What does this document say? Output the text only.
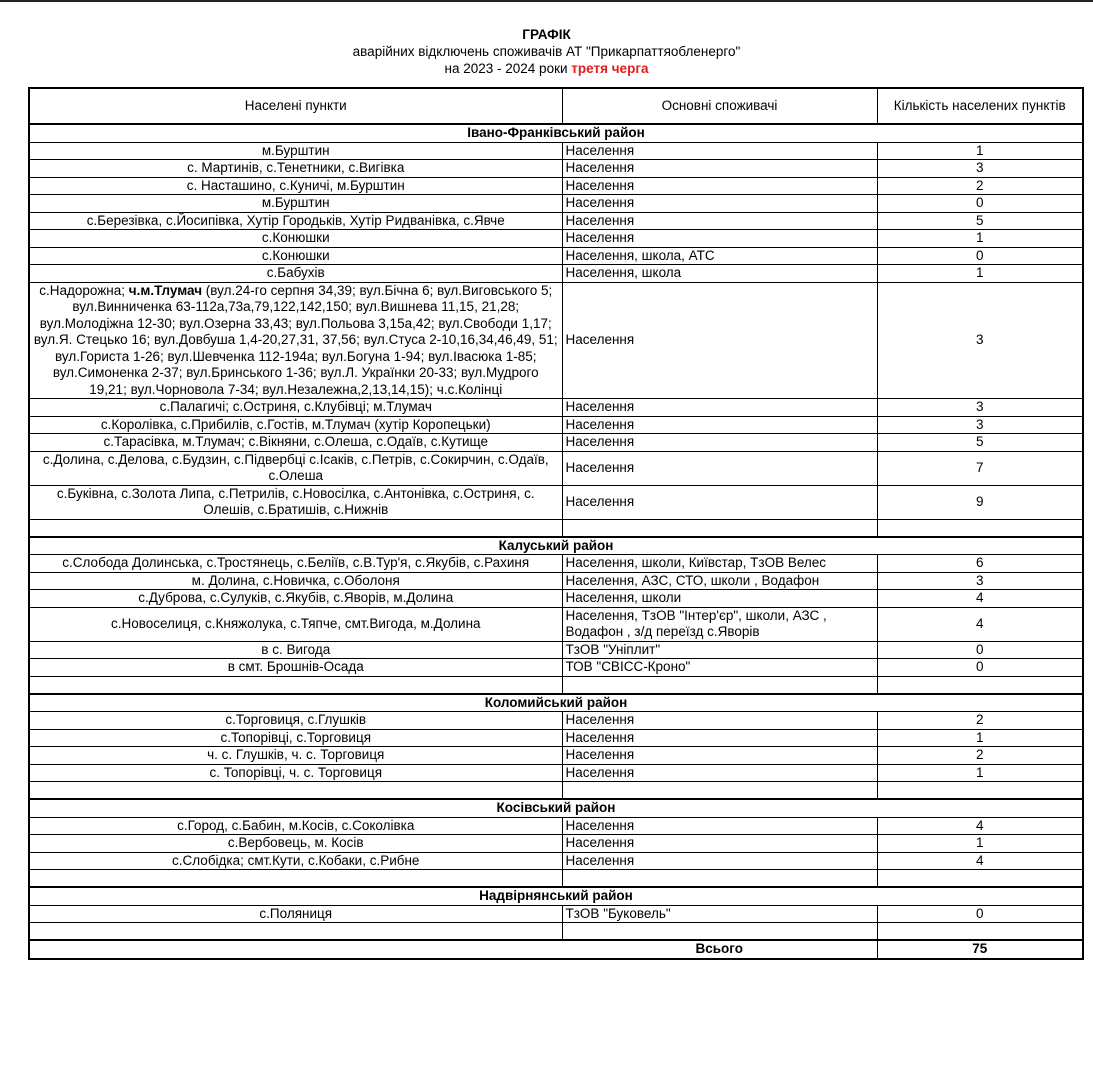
ГРАФІК
аварійних відключень споживачів АТ "Прикарпаттяобленерго"
на 2023 - 2024 роки третя черга
Населені пункти	Основні споживачі	Кількість населених пунктів
Івано-Франківський район		
м.Бурштин	Населення	1
с. Мартинів, с.Тенетники, с.Вигівка	Населення	3
с. Насташино, с.Куничі, м.Бурштин	Населення	2
м.Бурштин	Населення	0
с.Березівка, с.Йосипівка, Хутір Городьків, Хутір Ридванівка, с.Явче	Населення	5
с.Конюшки	Населення	1
с.Конюшки	Населення, школа, АТС	0
с.Бабухів	Населення, школа	1
с.Надорожна; ч.м.Тлумач (вул.24-го серпня 34,39; вул.Бічна 6; вул.Виговського 5; вул.Винниченка 63-112а,73а,79,122,142,150; вул.Вишнева 11,15, 21,28; вул.Молодіжна 12-30; вул.Озерна 33,43; вул.Польова 3,15а,42; вул.Свободи 1,17; вул.Я. Стецько 16; вул.Довбуша 1,4-20,27,31, 37,56; вул.Стуса 2-10,16,34,46,49, 51; вул.Гориста 1-26; вул.Шевченка 112-194а; вул.Богуна 1-94; вул.Івасюка 1-85; вул.Симоненка 2-37; вул.Бринського 1-36; вул.Л. Українки 20-33; вул.Мудрого 19,21; вул.Чорновола 7-34; вул.Незалежна,2,13,14,15); ч.с.Колінці	Населення	3
с.Палагичі; с.Остриня, с.Клубівці; м.Тлумач	Населення	3
с.Королівка, с.Прибилів, с.Гостів, м.Тлумач (хутір Коропецьки)	Населення	3
с.Тарасівка, м.Тлумач; с.Вікняни, с.Олеша, с.Одаїв, с.Кутище	Населення	5
с.Долина, с.Делова, с.Будзин, с.Підвербці с.Ісаків, с.Петрів, с.Сокирчин, с.Одаїв, с.Олеша	Населення	7
с.Буківна, с.Золота Липа, с.Петрилів, с.Новосілка, с.Антонівка, с.Остриня, с. Олешів, с.Братишів, с.Нижнів	Населення	9

Калуський район		
с.Слобода Долинська, с.Тростянець, с.Беліїв, с.В.Тур'я, с.Якубів, с.Рахиня	Населення, школи, Київстар, ТзОВ Велес	6
м. Долина, с.Новичка, с.Оболоня	Населення, АЗС, СТО, школи , Водафон	3
с.Дуброва, с.Сулуків, с.Якубів, с.Яворів, м.Долина	Населення, школи	4
с.Новоселиця, с.Княжолука, с.Тяпче, смт.Вигода, м.Долина	Населення, ТзОВ "Інтер'єр", школи, АЗС , Водафон , з/д переїзд с.Яворів	4
в с. Вигода	ТзОВ "Уніплит"	0
в смт. Брошнів-Осада	ТОВ "СВІСС-Кроно"	0

Коломийський район		
с.Торговиця, с.Глушків	Населення	2
с.Топорівці, с.Торговиця	Населення	1
ч. с. Глушків, ч. с. Торговиця	Населення	2
с. Топорівці, ч. с. Торговиця	Населення	1

Косівський район		
с.Город, с.Бабин, м.Косів, с.Соколівка	Населення	4
с.Вербовець, м. Косів	Населення	1
с.Слобідка; смт.Кути, с.Кобаки, с.Рибне	Населення	4

Надвірнянський район		
с.Поляниця	ТзОВ "Буковель"	0

	Всього	75
